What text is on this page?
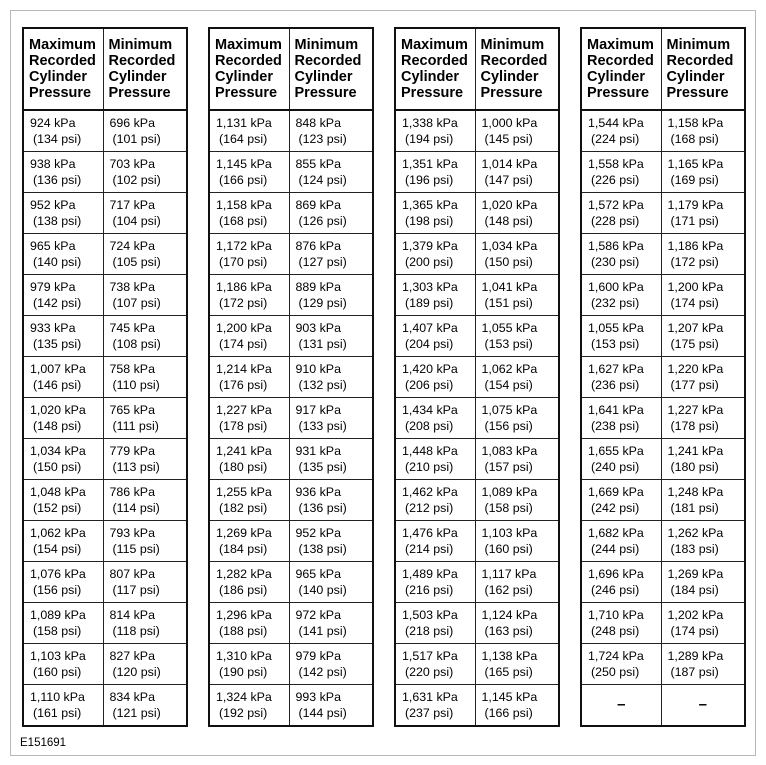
Maximum
Recorded
Cylinder
Pressure	Minimum
Recorded
Cylinder
Pressure

924 kPa
(134 psi)	696 kPa
(101 psi)

938 kPa
(136 psi)	703 kPa
(102 psi)

952 kPa
(138 psi)	717 kPa
(104 psi)

965 kPa
(140 psi)	724 kPa
(105 psi)

979 kPa
(142 psi)	738 kPa
(107 psi)

933 kPa
(135 psi)	745 kPa
(108 psi)

1,007 kPa
(146 psi)	758 kPa
(110 psi)

1,020 kPa
(148 psi)	765 kPa
(111 psi)

1,034 kPa
(150 psi)	779 kPa
(113 psi)

1,048 kPa
(152 psi)	786 kPa
(114 psi)

1,062 kPa
(154 psi)	793 kPa
(115 psi)

1,076 kPa
(156 psi)	807 kPa
(117 psi)

1,089 kPa
(158 psi)	814 kPa
(118 psi)

1,103 kPa
(160 psi)	827 kPa
(120 psi)

1,110 kPa
(161 psi)	834 kPa
(121 psi)
Maximum
Recorded
Cylinder
Pressure	Minimum
Recorded
Cylinder
Pressure

1,131 kPa
(164 psi)	848 kPa
(123 psi)

1,145 kPa
(166 psi)	855 kPa
(124 psi)

1,158 kPa
(168 psi)	869 kPa
(126 psi)

1,172 kPa
(170 psi)	876 kPa
(127 psi)

1,186 kPa
(172 psi)	889 kPa
(129 psi)

1,200 kPa
(174 psi)	903 kPa
(131 psi)

1,214 kPa
(176 psi)	910 kPa
(132 psi)

1,227 kPa
(178 psi)	917 kPa
(133 psi)

1,241 kPa
(180 psi)	931 kPa
(135 psi)

1,255 kPa
(182 psi)	936 kPa
(136 psi)

1,269 kPa
(184 psi)	952 kPa
(138 psi)

1,282 kPa
(186 psi)	965 kPa
(140 psi)

1,296 kPa
(188 psi)	972 kPa
(141 psi)

1,310 kPa
(190 psi)	979 kPa
(142 psi)

1,324 kPa
(192 psi)	993 kPa
(144 psi)
Maximum
Recorded
Cylinder
Pressure	Minimum
Recorded
Cylinder
Pressure

1,338 kPa
(194 psi)	1,000 kPa
(145 psi)

1,351 kPa
(196 psi)	1,014 kPa
(147 psi)

1,365 kPa
(198 psi)	1,020 kPa
(148 psi)

1,379 kPa
(200 psi)	1,034 kPa
(150 psi)

1,303 kPa
(189 psi)	1,041 kPa
(151 psi)

1,407 kPa
(204 psi)	1,055 kPa
(153 psi)

1,420 kPa
(206 psi)	1,062 kPa
(154 psi)

1,434 kPa
(208 psi)	1,075 kPa
(156 psi)

1,448 kPa
(210 psi)	1,083 kPa
(157 psi)

1,462 kPa
(212 psi)	1,089 kPa
(158 psi)

1,476 kPa
(214 psi)	1,103 kPa
(160 psi)

1,489 kPa
(216 psi)	1,117 kPa
(162 psi)

1,503 kPa
(218 psi)	1,124 kPa
(163 psi)

1,517 kPa
(220 psi)	1,138 kPa
(165 psi)

1,631 kPa
(237 psi)	1,145 kPa
(166 psi)
Maximum
Recorded
Cylinder
Pressure	Minimum
Recorded
Cylinder
Pressure

1,544 kPa
(224 psi)	1,158 kPa
(168 psi)

1,558 kPa
(226 psi)	1,165 kPa
(169 psi)

1,572 kPa
(228 psi)	1,179 kPa
(171 psi)

1,586 kPa
(230 psi)	1,186 kPa
(172 psi)

1,600 kPa
(232 psi)	1,200 kPa
(174 psi)

1,055 kPa
(153 psi)	1,207 kPa
(175 psi)

1,627 kPa
(236 psi)	1,220 kPa
(177 psi)

1,641 kPa
(238 psi)	1,227 kPa
(178 psi)

1,655 kPa
(240 psi)	1,241 kPa
(180 psi)

1,669 kPa
(242 psi)	1,248 kPa
(181 psi)

1,682 kPa
(244 psi)	1,262 kPa
(183 psi)

1,696 kPa
(246 psi)	1,269 kPa
(184 psi)

1,710 kPa
(248 psi)	1,202 kPa
(174 psi)

1,724 kPa
(250 psi)	1,289 kPa
(187 psi)

–	–
E151691
